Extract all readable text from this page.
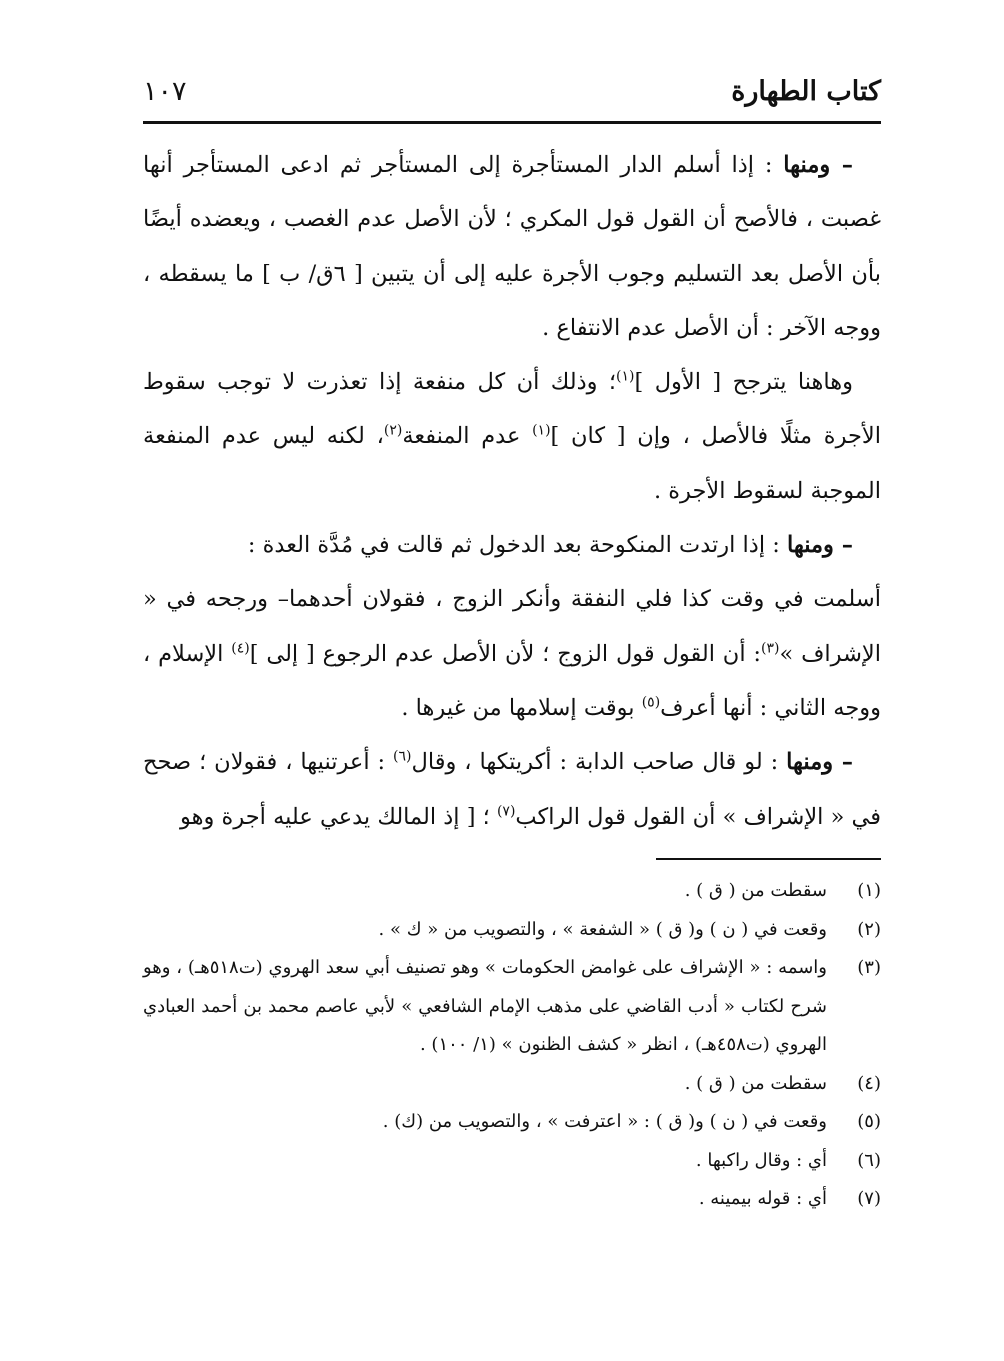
كتاب الطهارة
١٠٧

– ومنها : إذا أسلم الدار المستأجرة إلى المستأجر ثم ادعى المستأجر أنها غصبت ، فالأصح أن القول قول المكري ؛ لأن الأصل عدم الغصب ، ويعضده أيضًا بأن الأصل بعد التسليم وجوب الأجرة عليه إلى أن يتبين [ ٦ق/ ب ] ما يسقطه ، ووجه الآخر : أن الأصل عدم الانتفاع .

وهاهنا يترجح [ الأول ]$^{(١)}$؛ وذلك أن كل منفعة إذا تعذرت لا توجب سقوط الأجرة مثلًا فالأصل ، وإن [ كان ]$^{(١)}$ عدم المنفعة$^{(٢)}$، لكنه ليس عدم المنفعة الموجبة لسقوط الأجرة .

– ومنها : إذا ارتدت المنكوحة بعد الدخول ثم قالت في مُدَّة العدة :

أسلمت في وقت كذا فلي النفقة وأنكر الزوج ، فقولان أحدهما– ورجحه في « الإشراف »$^{(٣)}$: أن القول قول الزوج ؛ لأن الأصل عدم الرجوع [ إلى ]$^{(٤)}$ الإسلام ، ووجه الثاني : أنها أعرف$^{(٥)}$ بوقت إسلامها من غيرها .

– ومنها : لو قال صاحب الدابة : أكريتكها ، وقال$^{(٦)}$ : أعرتنيها ، فقولان ؛ صحح في « الإشراف » أن القول قول الراكب$^{(٧)}$ ؛ [ إذ المالك يدعي عليه أجرة وهو

(١)
سقطت من ( ق ) .
(٢)
وقعت في ( ن ) و( ق ) « الشفعة » ، والتصويب من « ك » .
(٣)
واسمه : « الإشراف على غوامض الحكومات » وهو تصنيف أبي سعد الهروي (ت٥١٨هـ) ، وهو شرح لكتاب « أدب القاضي على مذهب الإمام الشافعي » لأبي عاصم محمد بن أحمد العبادي الهروي (ت٤٥٨هـ) ، انظر « كشف الظنون » (١/ ١٠٠) .
(٤)
سقطت من ( ق ) .
(٥)
وقعت في ( ن ) و( ق ) : « اعترفت » ، والتصويب من (ك) .
(٦)
أي : وقال راكبها .
(٧)
أي : قوله بيمينه .
